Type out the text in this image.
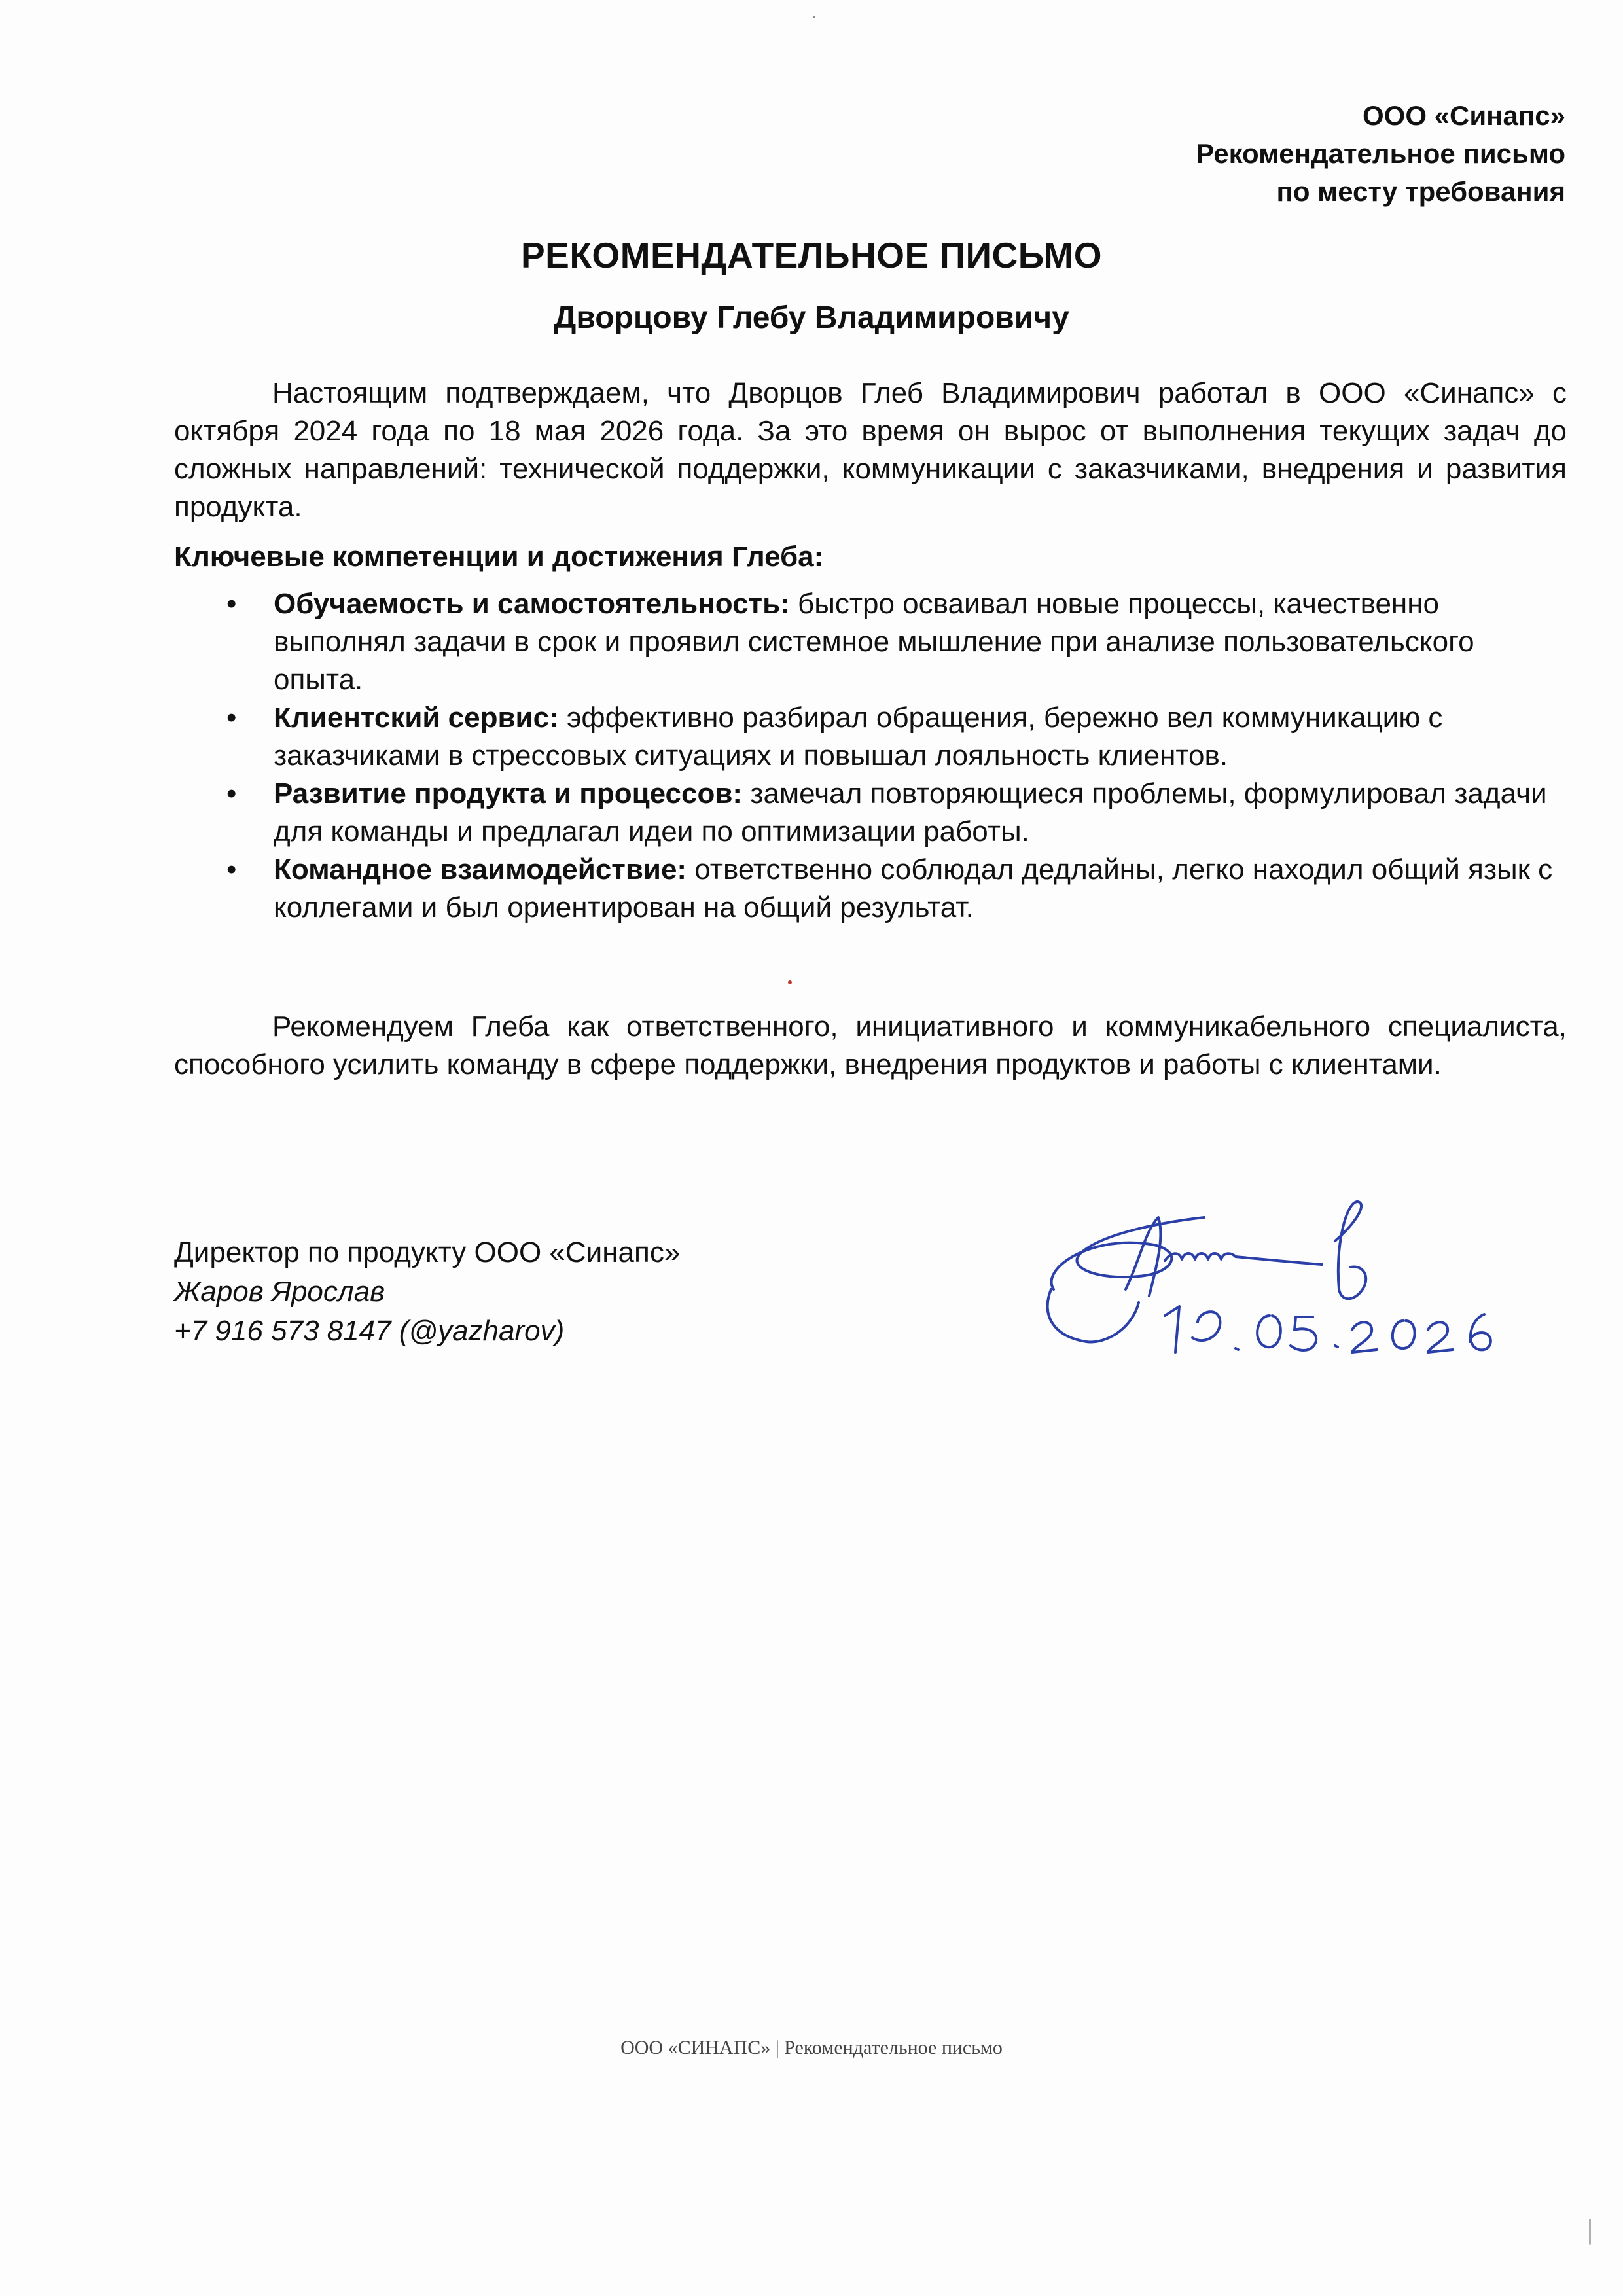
ООО «Синапс»
Рекомендательное письмо
по месту требования
РЕКОМЕНДАТЕЛЬНОЕ ПИСЬМО
Дворцову Глебу Владимировичу

Настоящим подтверждаем, что Дворцов Глеб Владимирович работал в ООО «Синапс» с октября 2024 года по 18 мая 2026 года. За это время он вырос от выполнения текущих задач до сложных направлений: технической поддержки, коммуникации с заказчиками, внедрения и развития продукта.

Ключевые компетенции и достижения Глеба:
• Обучаемость и самостоятельность: быстро осваивал новые процессы, качественно выполнял задачи в срок и проявил системное мышление при анализе пользовательского опыта.
• Клиентский сервис: эффективно разбирал обращения, бережно вел коммуникацию с заказчиками в стрессовых ситуациях и повышал лояльность клиентов.
• Развитие продукта и процессов: замечал повторяющиеся проблемы, формулировал задачи для команды и предлагал идеи по оптимизации работы.
• Командное взаимодействие: ответственно соблюдал дедлайны, легко находил общий язык с коллегами и был ориентирован на общий результат.

Рекомендуем Глеба как ответственного, инициативного и коммуникабельного специалиста, способного усилить команду в сфере поддержки, внедрения продуктов и работы с клиентами.

Директор по продукту ООО «Синапс»
Жаров Ярослав
+7 916 573 8147 (@yazharov)
ООО «СИНАПС» | Рекомендательное письмо
